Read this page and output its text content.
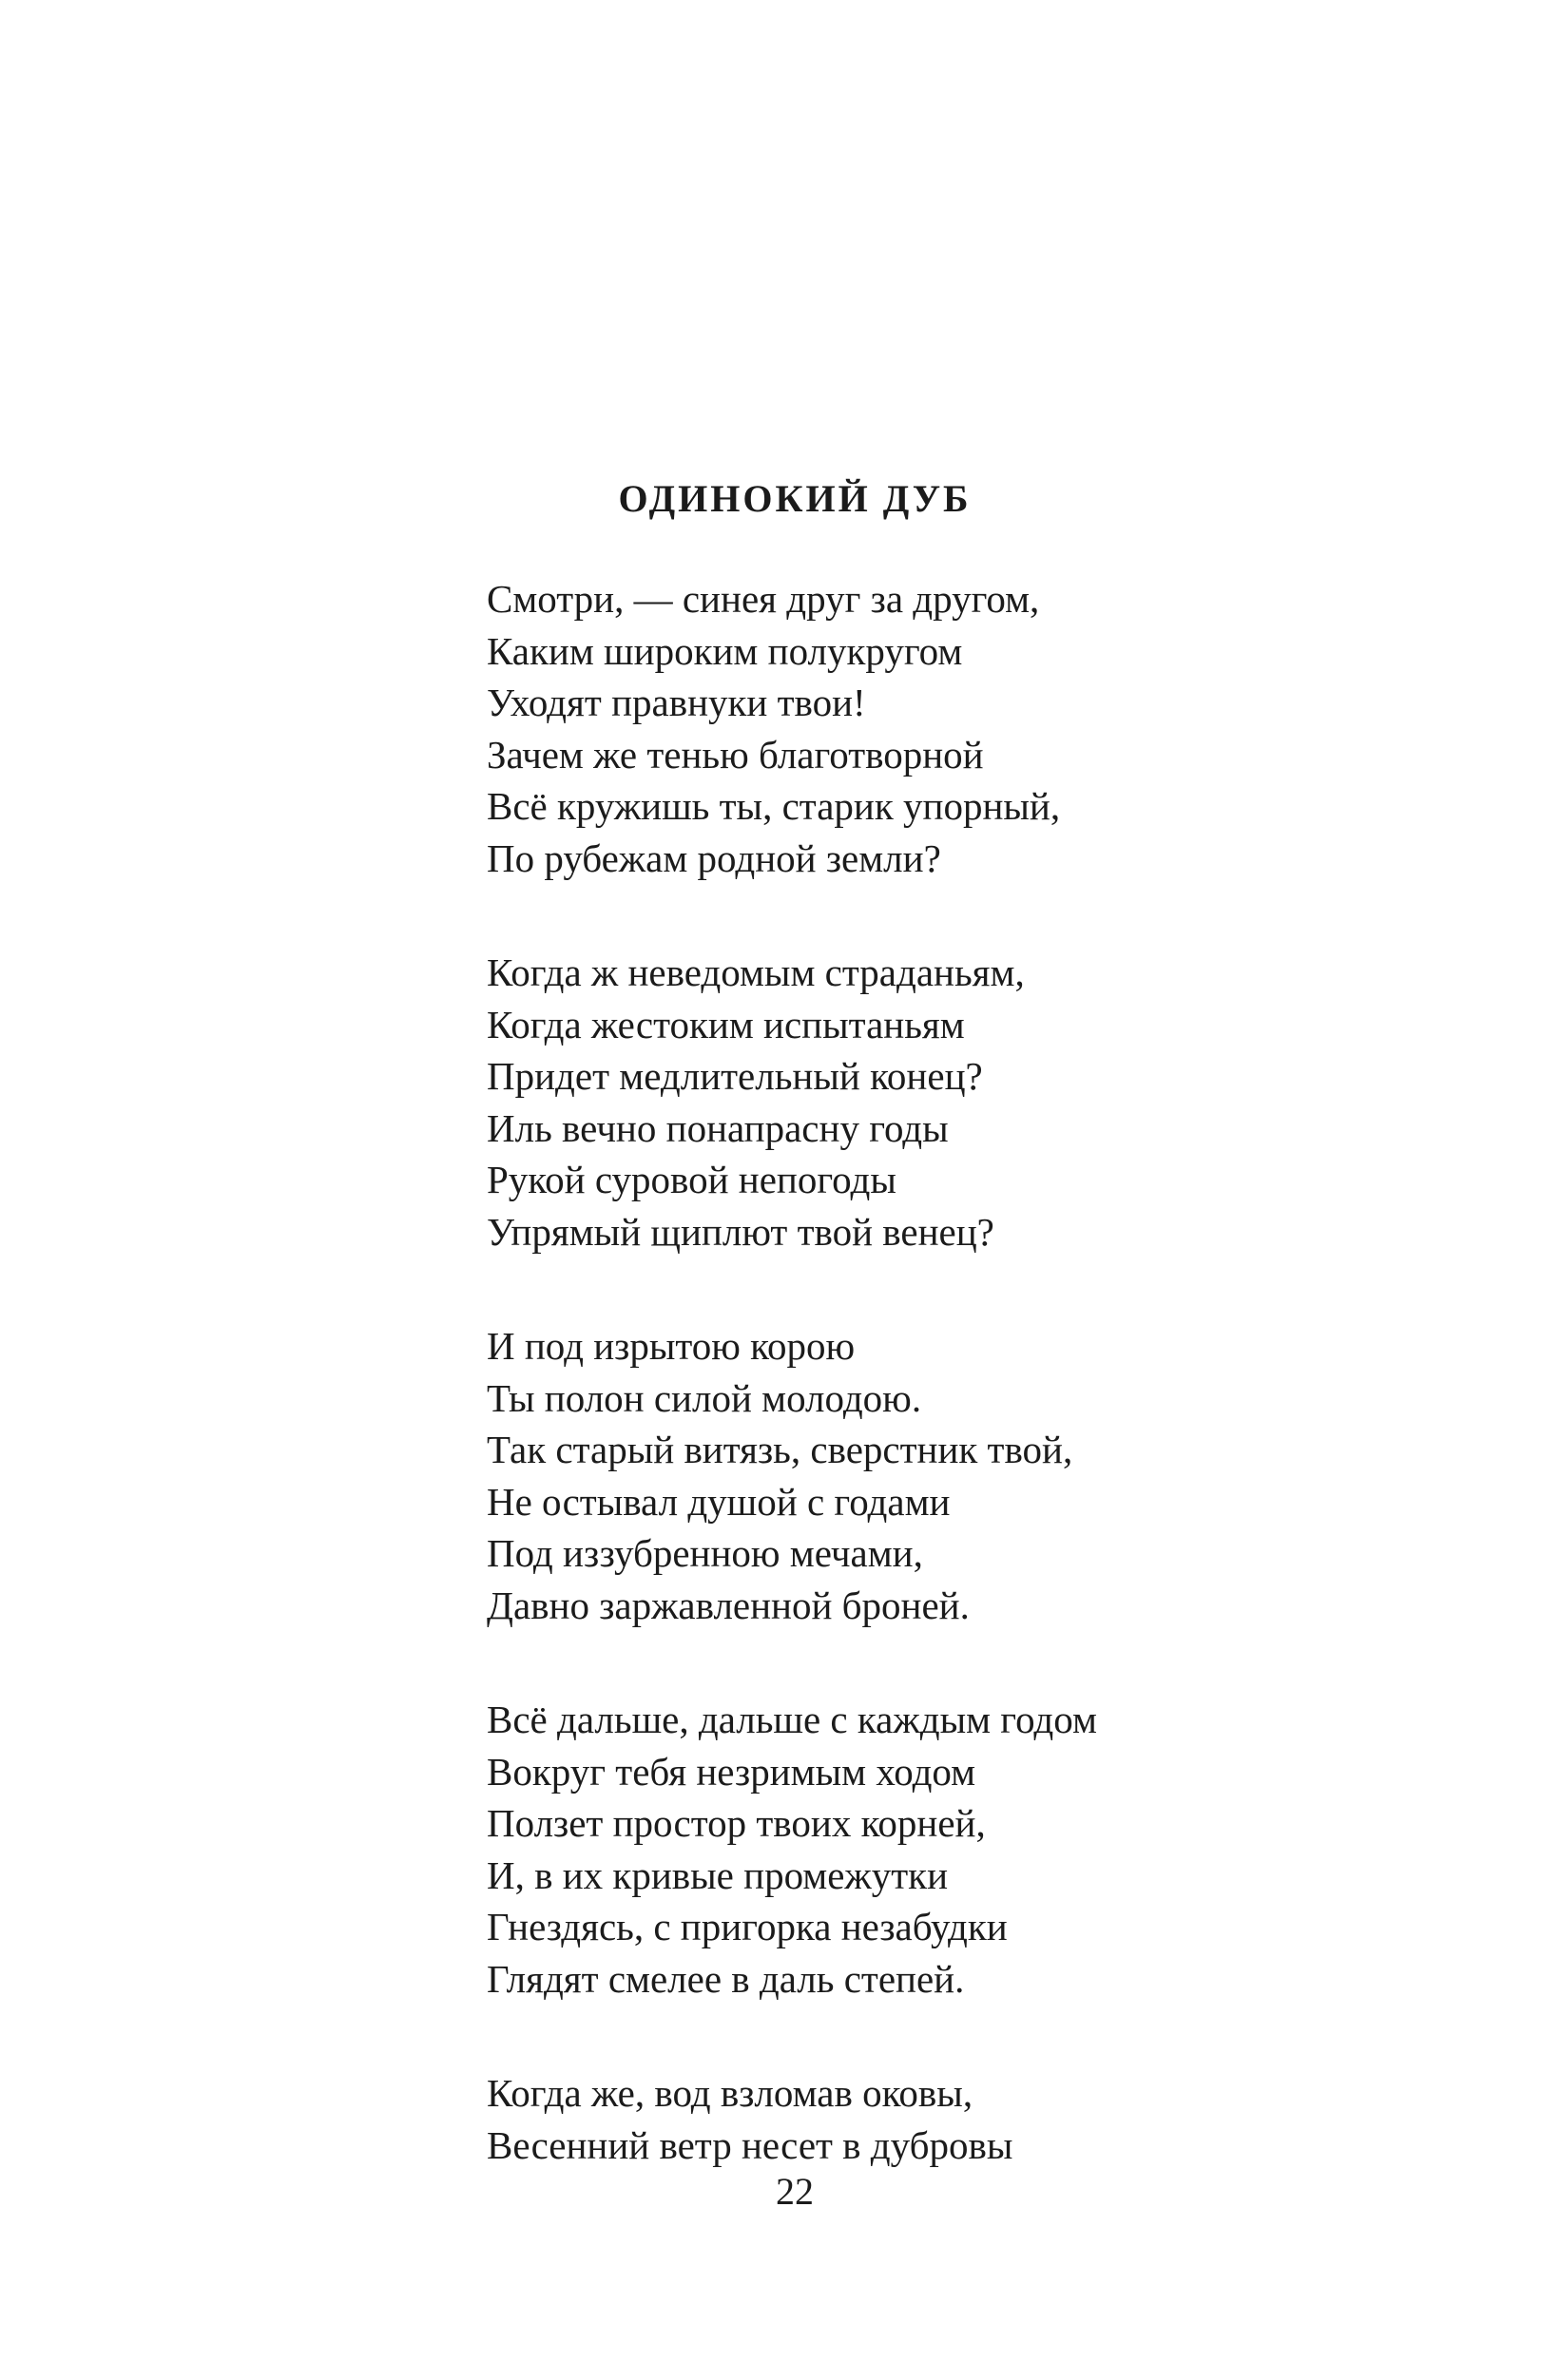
ОДИНОКИЙ ДУБ
Смотри, — синея друг за другом,
Каким широким полукругом
Уходят правнуки твои!
Зачем же тенью благотворной
Всё кружишь ты, старик упорный,
По рубежам родной земли?
Когда ж неведомым страданьям,
Когда жестоким испытаньям
Придет медлительный конец?
Иль вечно понапрасну годы
Рукой суровой непогоды
Упрямый щиплют твой венец?
И под изрытою корою
Ты полон силой молодою.
Так старый витязь, сверстник твой,
Не остывал душой с годами
Под иззубренною мечами,
Давно заржавленной броней.
Всё дальше, дальше с каждым годом
Вокруг тебя незримым ходом
Ползет простор твоих корней,
И, в их кривые промежутки
Гнездясь, с пригорка незабудки
Глядят смелее в даль степей.
Когда же, вод взломав оковы,
Весенний ветр несет в дубровы
22
